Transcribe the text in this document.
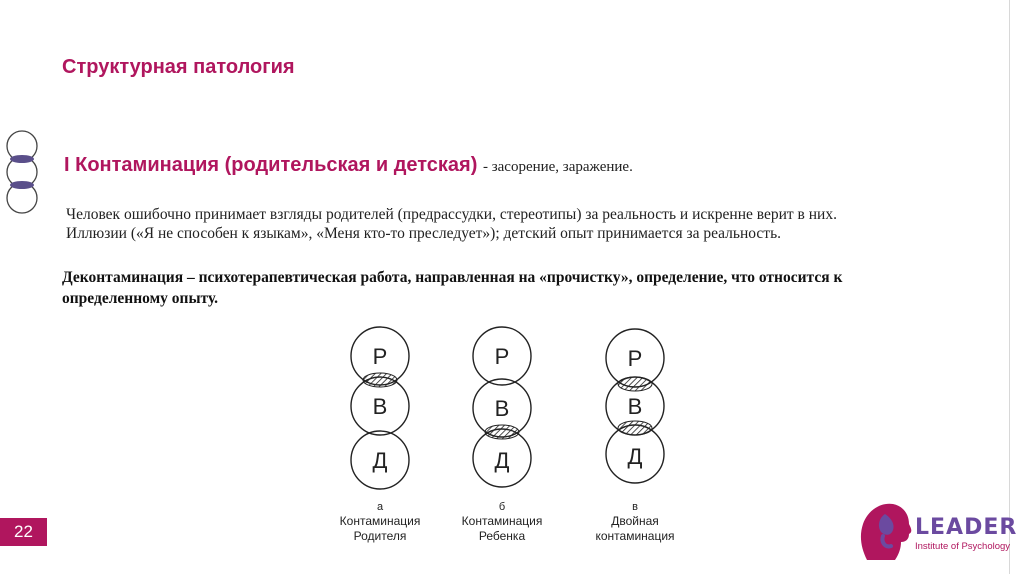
Структурная патология
I Контаминация (родительская и детская) - засорение, заражение.
Человек ошибочно принимает взгляды родителей (предрассудки, стереотипы) за реальность и искренне верит в них.
Иллюзии («Я не способен к языкам», «Меня кто-то преследует»); детский опыт принимается за реальность.
Деконтаминация – психотерапевтическая работа, направленная на «прочистку», определение, что относится к определенному опыту.
Р
В
Д
а
Контаминация
Родителя
Р
В
Д
б
Контаминация
Ребенка
Р
В
Д
в
Двойная
контаминация
22	LEADER
Institute of Psychology
